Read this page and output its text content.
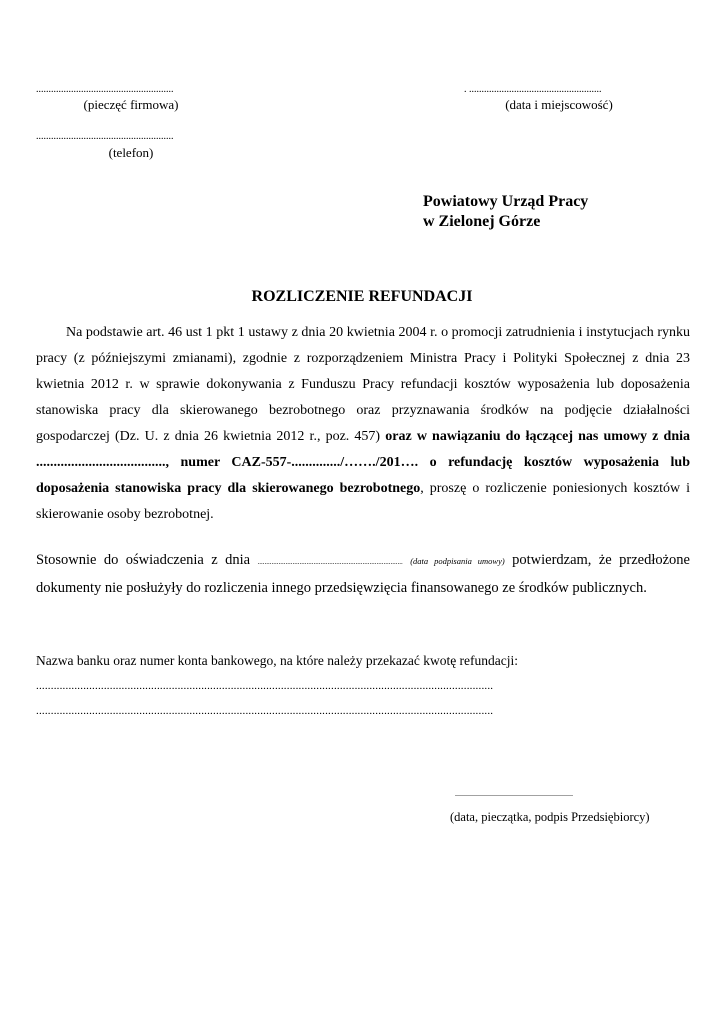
.......................................................
(pieczęć firmowa)
. .....................................................
(data i miejscowość)
.......................................................
(telefon)
Powiatowy Urząd Pracy
w Zielonej Górze
ROZLICZENIE REFUNDACJI

Na podstawie art. 46 ust 1 pkt 1 ustawy z dnia 20 kwietnia 2004 r. o promocji zatrudnienia i instytucjach rynku pracy (z późniejszymi zmianami), zgodnie z rozporządzeniem Ministra Pracy i Polityki Społecznej z dnia 23 kwietnia 2012 r. w sprawie dokonywania z Funduszu Pracy refundacji kosztów wyposażenia lub doposażenia stanowiska pracy dla skierowanego bezrobotnego oraz przyznawania środków na podjęcie działalności gospodarczej (Dz. U. z dnia 26 kwietnia 2012 r., poz. 457) oraz w nawiązaniu do łączącej nas umowy z dnia ....................................., numer CAZ-557-............../……./201…. o refundację kosztów wyposażenia lub doposażenia stanowiska pracy dla skierowanego bezrobotnego, proszę o rozliczenie poniesionych kosztów i skierowanie osoby bezrobotnej.

Stosownie do oświadczenia z dnia ................................................................................... (data podpisania umowy) potwierdzam, że przedłożone dokumenty nie posłużyły do rozliczenia innego przedsięwzięcia finansowanego ze środków publicznych.

Nazwa banku oraz numer konta bankowego, na które należy przekazać kwotę refundacji:
...........................................................................................................................................................
...........................................................................................................................................................
...........................................................
(data, pieczątka, podpis Przedsiębiorcy)
